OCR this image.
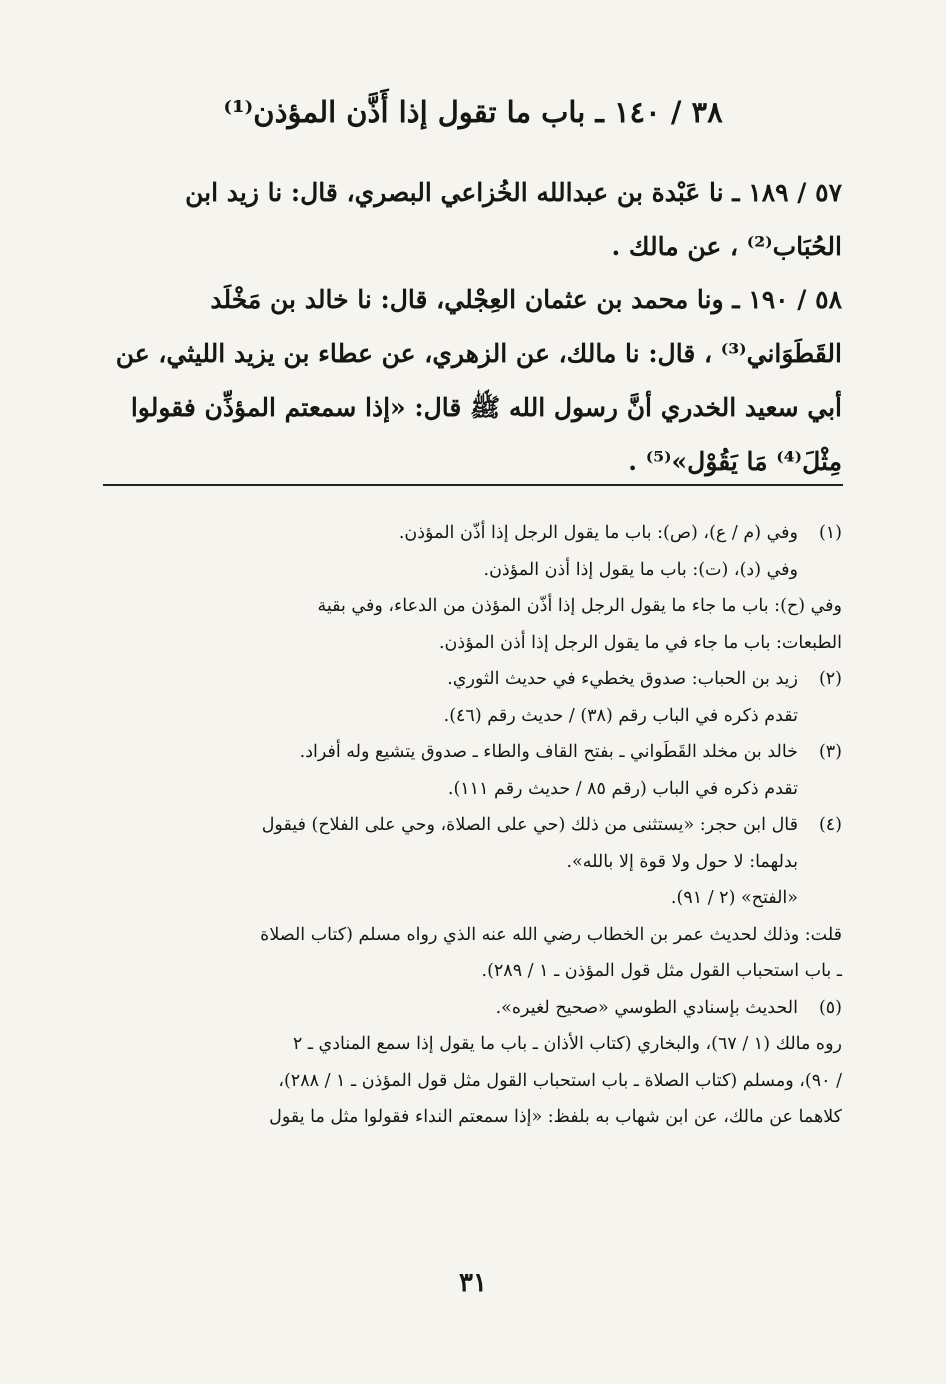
٣٨ / ١٤٠ ـ باب ما تقول إذا أَذَّن المؤذن⁽¹⁾

٥٧ / ١٨٩ ـ نا عَبْدة بن عبدالله الخُزاعي البصري، قال: نا زيد ابن

الحُبَاب⁽²⁾ ، عن مالك .

٥٨ / ١٩٠ ـ ونا محمد بن عثمان العِجْلي، قال: نا خالد بن مَخْلَد

القَطَوَاني⁽³⁾ ، قال: نا مالك، عن الزهري، عن عطاء بن يزيد الليثي، عن

أبي سعيد الخدري أنَّ رسول الله ﷺ قال: «إذا سمعتم المؤذِّن فقولوا

مِثْلَ⁽⁴⁾ مَا يَقُوْل»⁽⁵⁾ .

(١)وفي (م / ع)، (ص): باب ما يقول الرجل إذا أذّن المؤذن.

وفي (د)، (ت): باب ما يقول إذا أذن المؤذن.

وفي (ح): باب ما جاء ما يقول الرجل إذا أذّن المؤذن من الدعاء، وفي بقية

الطبعات: باب ما جاء في ما يقول الرجل إذا أذن المؤذن.

(٢)زيد بن الحباب: صدوق يخطيء في حديث الثوري.

تقدم ذكره في الباب رقم (٣٨) / حديث رقم (٤٦).

(٣)خالد بن مخلد القَطَواني ـ بفتح القاف والطاء ـ صدوق يتشيع وله أفراد.

تقدم ذكره في الباب (رقم ٨٥ / حديث رقم ١١١).

(٤)قال ابن حجر: «يستثنى من ذلك (حي على الصلاة، وحي على الفلاح) فيقول

بدلهما: لا حول ولا قوة إلا بالله».

«الفتح» (٢ / ٩١).

قلت: وذلك لحديث عمر بن الخطاب رضي الله عنه الذي رواه مسلم (كتاب الصلاة

ـ باب استحباب القول مثل قول المؤذن ـ ١ / ٢٨٩).

(٥)الحديث بإسنادي الطوسي «صحيح لغيره».

روه مالك (١ / ٦٧)، والبخاري (كتاب الأذان ـ باب ما يقول إذا سمع المنادي ـ ٢

/ ٩٠)، ومسلم (كتاب الصلاة ـ باب استحباب القول مثل قول المؤذن ـ ١ / ٢٨٨)،

كلاهما عن مالك، عن ابن شهاب به بلفظ: «إذا سمعتم النداء فقولوا مثل ما يقول

٣١
